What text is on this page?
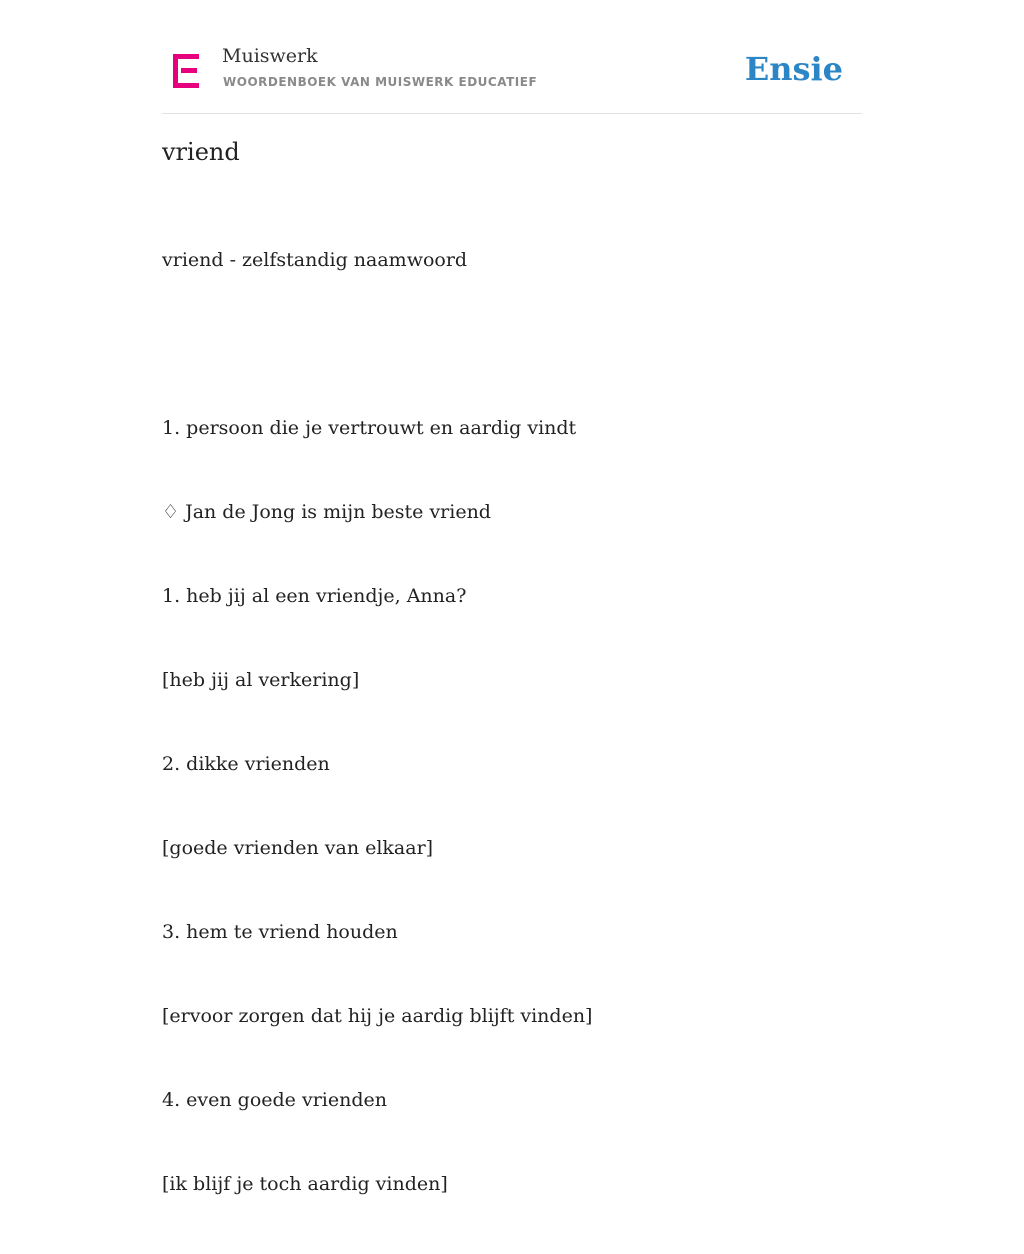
Muiswerk
WOORDENBOEK VAN MUISWERK EDUCATIEF	Ensie
vriend

vriend - zelfstandig naamwoord

1. persoon die je vertrouwt en aardig vindt

♢ Jan de Jong is mijn beste vriend

1. heb jij al een vriendje, Anna?

[heb jij al verkering]

2. dikke vrienden

[goede vrienden van elkaar]

3. hem te vriend houden

[ervoor zorgen dat hij je aardig blijft vinden]

4. even goede vrienden

[ik blijf je toch aardig vinden]
